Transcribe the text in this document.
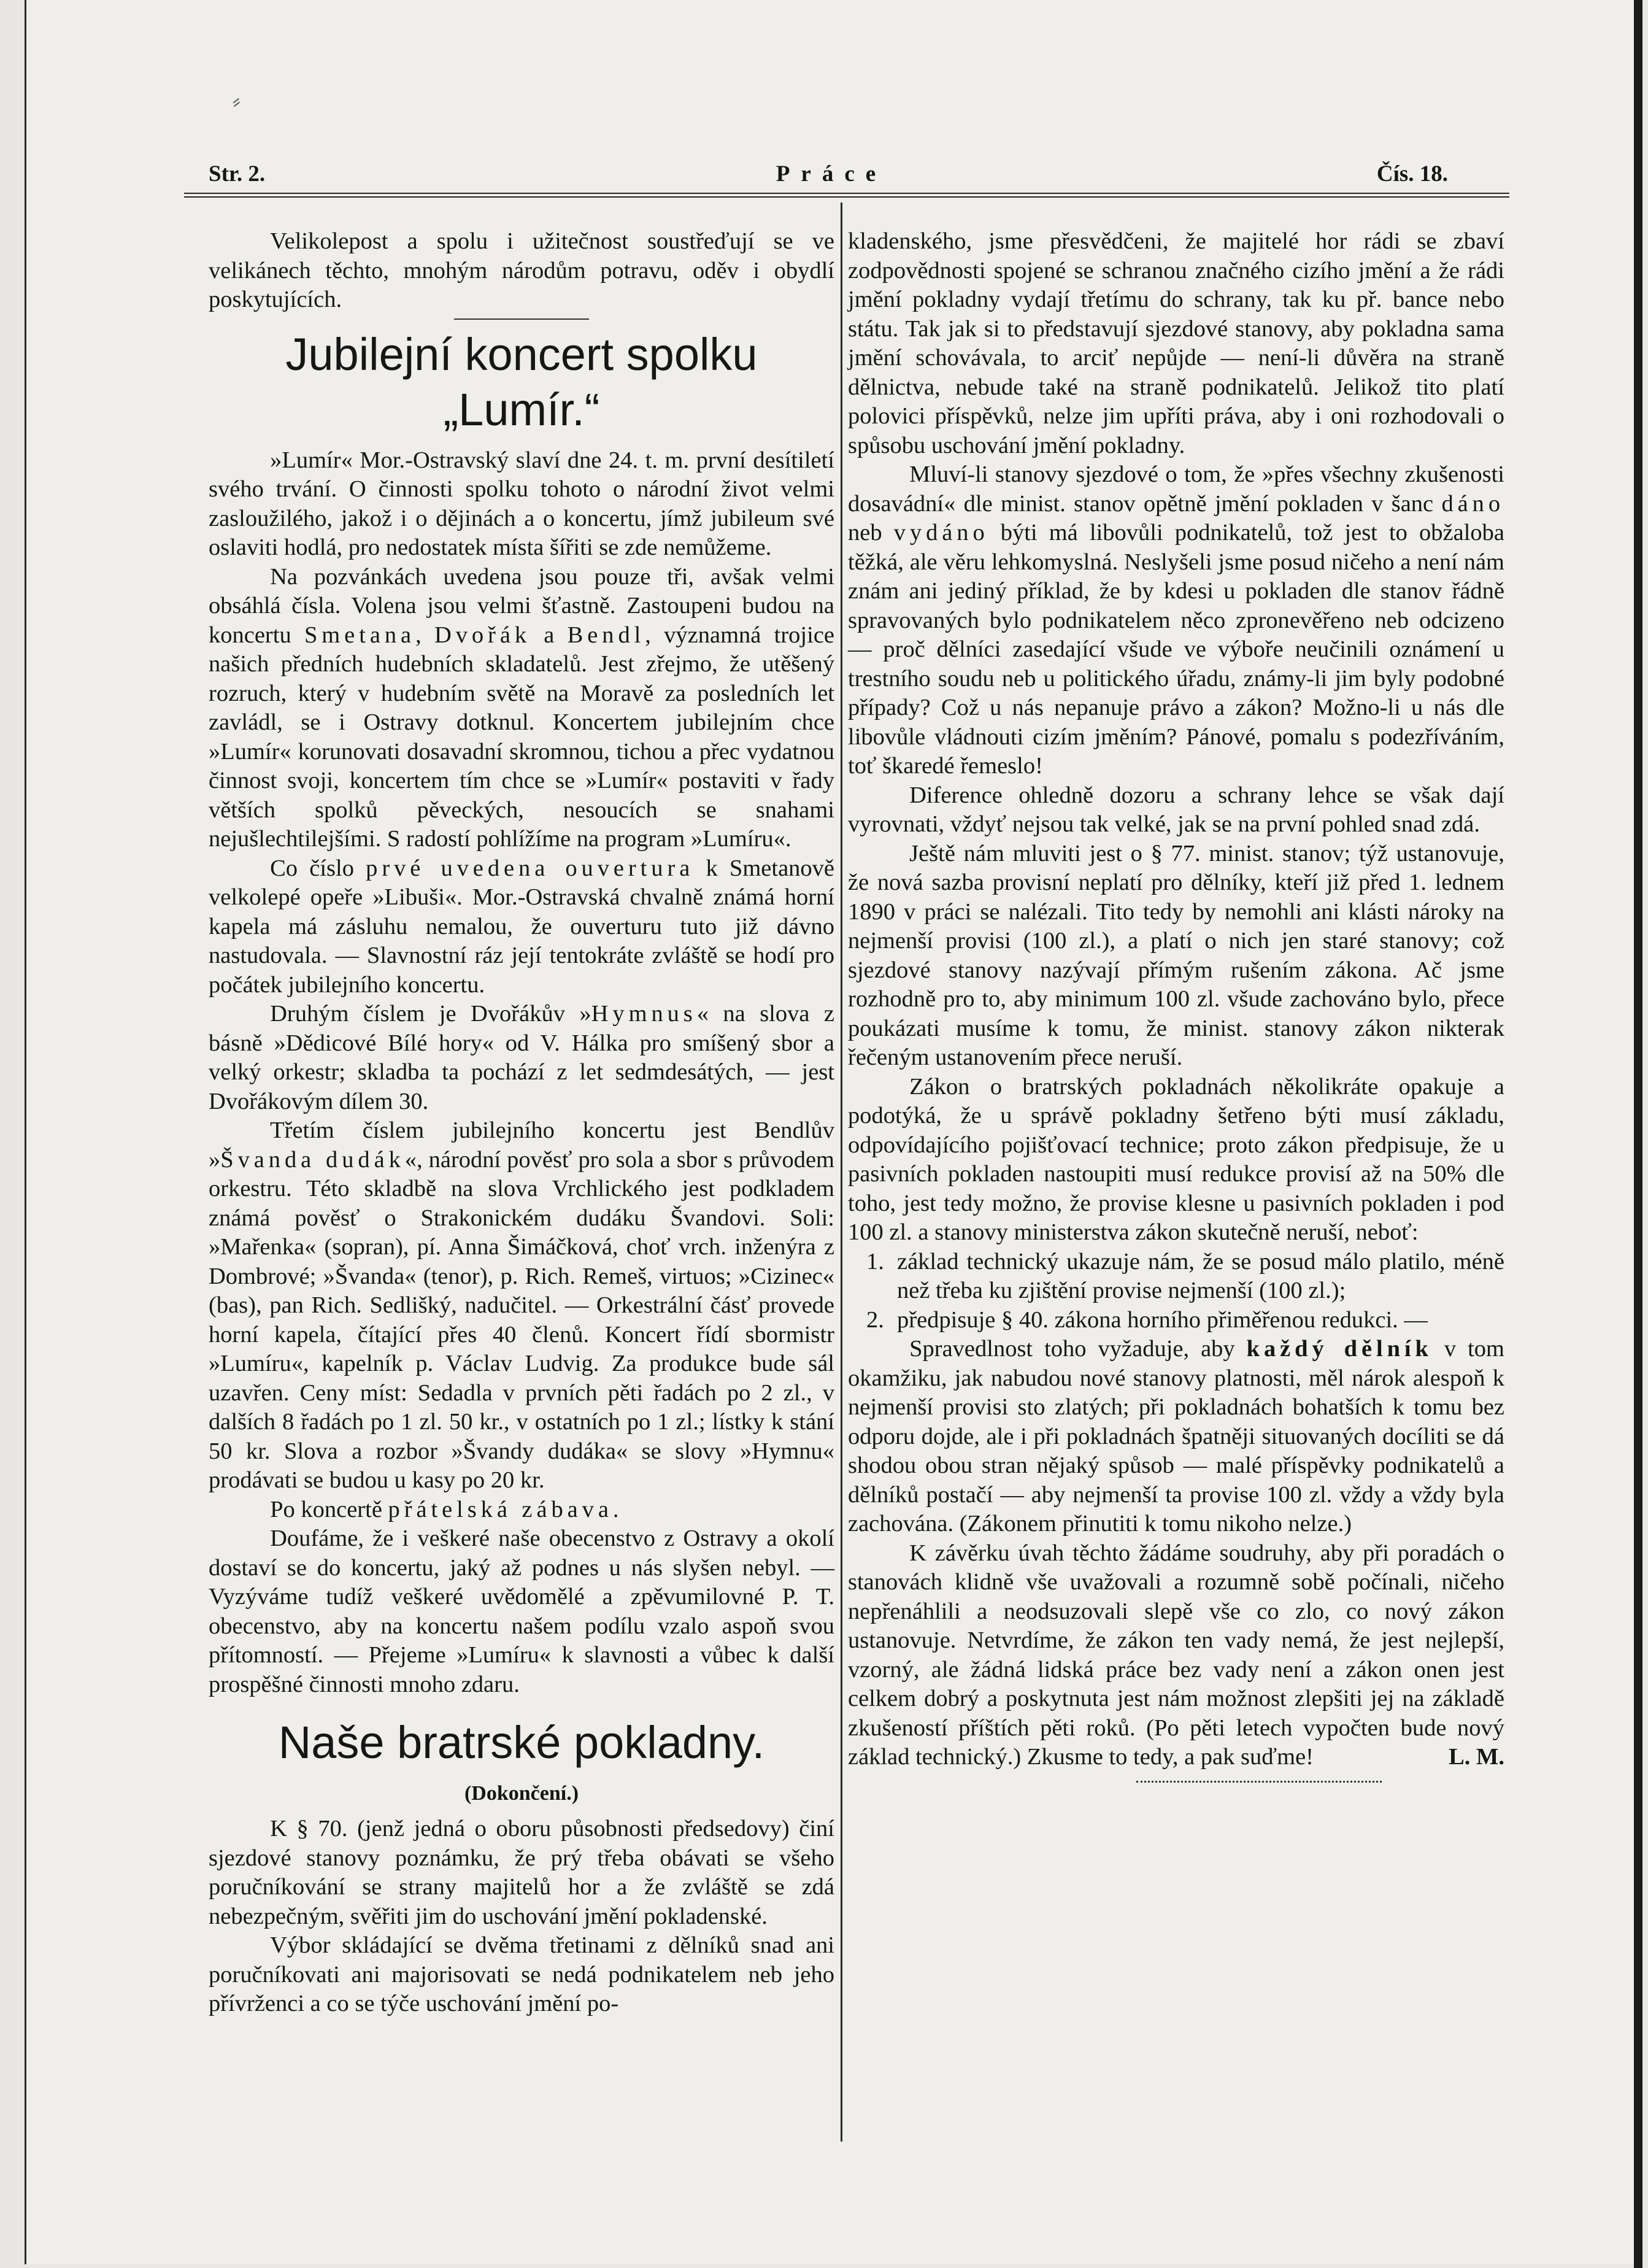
⸗
Str. 2.	Práce	Čís. 18.

Velikolepost a spolu i užitečnost soustřeďují se ve velikánech těchto, mnohým národům potravu, oděv i obydlí poskytujících.

Jubilejní koncert spolku „Lumír.“

»Lumír« Mor.-Ostravský slaví dne 24. t. m. první desítiletí svého trvání. O činnosti spolku tohoto o národní život velmi zasloužilého, jakož i o dějinách a o koncertu, jímž jubileum své oslaviti hodlá, pro nedostatek místa šířiti se zde nemůžeme.

Na pozvánkách uvedena jsou pouze tři, avšak velmi obsáhlá čísla. Volena jsou velmi šťastně. Zastoupeni budou na koncertu Smetana, Dvořák a Bendl, významná trojice našich předních hudebních skladatelů. Jest zřejmo, že utěšený rozruch, který v hudebním světě na Moravě za posledních let zavládl, se i Ostravy dotknul. Koncertem jubilejním chce »Lumír« korunovati dosavadní skromnou, tichou a přec vydatnou činnost svoji, koncertem tím chce se »Lumír« postaviti v řady větších spolků pěveckých, nesoucích se snahami nejušlechtilejšími. S radostí pohlížíme na program »Lumíru«.

Co číslo prvé uvedena ouvertura k Smetanově velkolepé opeře »Libuši«. Mor.-Ostravská chvalně známá horní kapela má zásluhu nemalou, že ouverturu tuto již dávno nastudovala. — Slavnostní ráz její tentokráte zvláště se hodí pro počátek jubilejního koncertu.

Druhým číslem je Dvořákův »Hymnus« na slova z básně »Dědicové Bílé hory« od V. Hálka pro smíšený sbor a velký orkestr; skladba ta pochází z let sedmdesátých, — jest Dvořákovým dílem 30.

Třetím číslem jubilejního koncertu jest Bendlův »Švanda dudák«, národní pověsť pro sola a sbor s průvodem orkestru. Této skladbě na slova Vrchlického jest podkladem známá pověsť o Strakonickém dudáku Švandovi. Soli: »Mařenka« (sopran), pí. Anna Šimáčková, choť vrch. inženýra z Dombrové; »Švanda« (tenor), p. Rich. Remeš, virtuos; »Cizinec« (bas), pan Rich. Sedlišký, nadučitel. — Orkestrální čásť provede horní kapela, čítající přes 40 členů. Koncert řídí sbormistr »Lumíru«, kapelník p. Václav Ludvig. Za produkce bude sál uzavřen. Ceny míst: Sedadla v prvních pěti řadách po 2 zl., v dalších 8 řadách po 1 zl. 50 kr., v ostatních po 1 zl.; lístky k stání 50 kr. Slova a rozbor »Švandy dudáka« se slovy »Hymnu« prodávati se budou u kasy po 20 kr.

Po koncertě přátelská zábava.

Doufáme, že i veškeré naše obecenstvo z Ostravy a okolí dostaví se do koncertu, jaký až podnes u nás slyšen nebyl. — Vyzýváme tudíž veškeré uvědomělé a zpěvumilovné P. T. obecenstvo, aby na koncertu našem podílu vzalo aspoň svou přítomností. — Přejeme »Lumíru« k slavnosti a vůbec k další prospěšné činnosti mnoho zdaru.

Naše bratrské pokladny.
(Dokončení.)

K § 70. (jenž jedná o oboru působnosti předsedovy) činí sjezdové stanovy poznámku, že prý třeba obávati se všeho poručníkování se strany majitelů hor a že zvláště se zdá nebezpečným, svěřiti jim do uschování jmění pokladenské.

Výbor skládající se dvěma třetinami z dělníků snad ani poručníkovati ani majorisovati se nedá podnikatelem neb jeho přívrženci a co se týče uschování jmění po-

kladenského, jsme přesvědčeni, že majitelé hor rádi se zbaví zodpovědnosti spojené se schranou značného cizího jmění a že rádi jmění pokladny vydají třetímu do schrany, tak ku př. bance nebo státu. Tak jak si to představují sjezdové stanovy, aby pokladna sama jmění schovávala, to arciť nepůjde — není-li důvěra na straně dělnictva, nebude také na straně podnikatelů. Jelikož tito platí polovici příspěvků, nelze jim upříti práva, aby i oni rozhodovali o spůsobu uschování jmění pokladny.

Mluví-li stanovy sjezdové o tom, že »přes všechny zkušenosti dosavádní« dle minist. stanov opětně jmění pokladen v šanc dáno neb vydáno býti má libovůli podnikatelů, tož jest to obžaloba těžká, ale věru lehkomyslná. Neslyšeli jsme posud ničeho a není nám znám ani jediný příklad, že by kdesi u pokladen dle stanov řádně spravovaných bylo podnikatelem něco zpronevěřeno neb odcizeno — proč dělníci zasedající všude ve výboře neučinili oznámení u trestního soudu neb u politického úřadu, známy-li jim byly podobné případy? Což u nás nepanuje právo a zákon? Možno-li u nás dle libovůle vládnouti cizím jměním? Pánové, pomalu s podezříváním, toť škaredé řemeslo!

Diference ohledně dozoru a schrany lehce se však dají vyrovnati, vždyť nejsou tak velké, jak se na první pohled snad zdá.

Ještě nám mluviti jest o § 77. minist. stanov; týž ustanovuje, že nová sazba provisní neplatí pro dělníky, kteří již před 1. lednem 1890 v práci se nalézali. Tito tedy by nemohli ani klásti nároky na nejmenší provisi (100 zl.), a platí o nich jen staré stanovy; což sjezdové stanovy nazývají přímým rušením zákona. Ač jsme rozhodně pro to, aby minimum 100 zl. všude zachováno bylo, přece poukázati musíme k tomu, že minist. stanovy zákon nikterak řečeným ustanovením přece neruší.

Zákon o bratrských pokladnách několikráte opakuje a podotýká, že u správě pokladny šetřeno býti musí základu, odpovídajícího pojišťovací technice; proto zákon předpisuje, že u pasivních pokladen nastoupiti musí redukce provisí až na 50% dle toho, jest tedy možno, že provise klesne u pasivních pokladen i pod 100 zl. a stanovy ministerstva zákon skutečně neruší, neboť:

1. základ technický ukazuje nám, že se posud málo platilo, méně než třeba ku zjištění provise nejmenší (100 zl.);
2. předpisuje § 40. zákona horního přiměřenou redukci. —

Spravedlnost toho vyžaduje, aby každý dělník v tom okamžiku, jak nabudou nové stanovy platnosti, měl nárok alespoň k nejmenší provisi sto zlatých; při pokladnách bohatších k tomu bez odporu dojde, ale i při pokladnách špatněji situovaných docíliti se dá shodou obou stran nějaký spůsob — malé příspěvky podnikatelů a dělníků postačí — aby nejmenší ta provise 100 zl. vždy a vždy byla zachována. (Zákonem přinutiti k tomu nikoho nelze.)

K závěrku úvah těchto žádáme soudruhy, aby při poradách o stanovách klidně vše uvažovali a rozumně sobě počínali, ničeho nepřenáhlili a neodsuzovali slepě vše co zlo, co nový zákon ustanovuje. Netvrdíme, že zákon ten vady nemá, že jest nejlepší, vzorný, ale žádná lidská práce bez vady není a zákon onen jest celkem dobrý a poskytnuta jest nám možnost zlepšiti jej na základě zkušeností příštích pěti roků. (Po pěti letech vypočten bude nový základ technický.) Zkusme to tedy, a pak suďme!	L. M.
